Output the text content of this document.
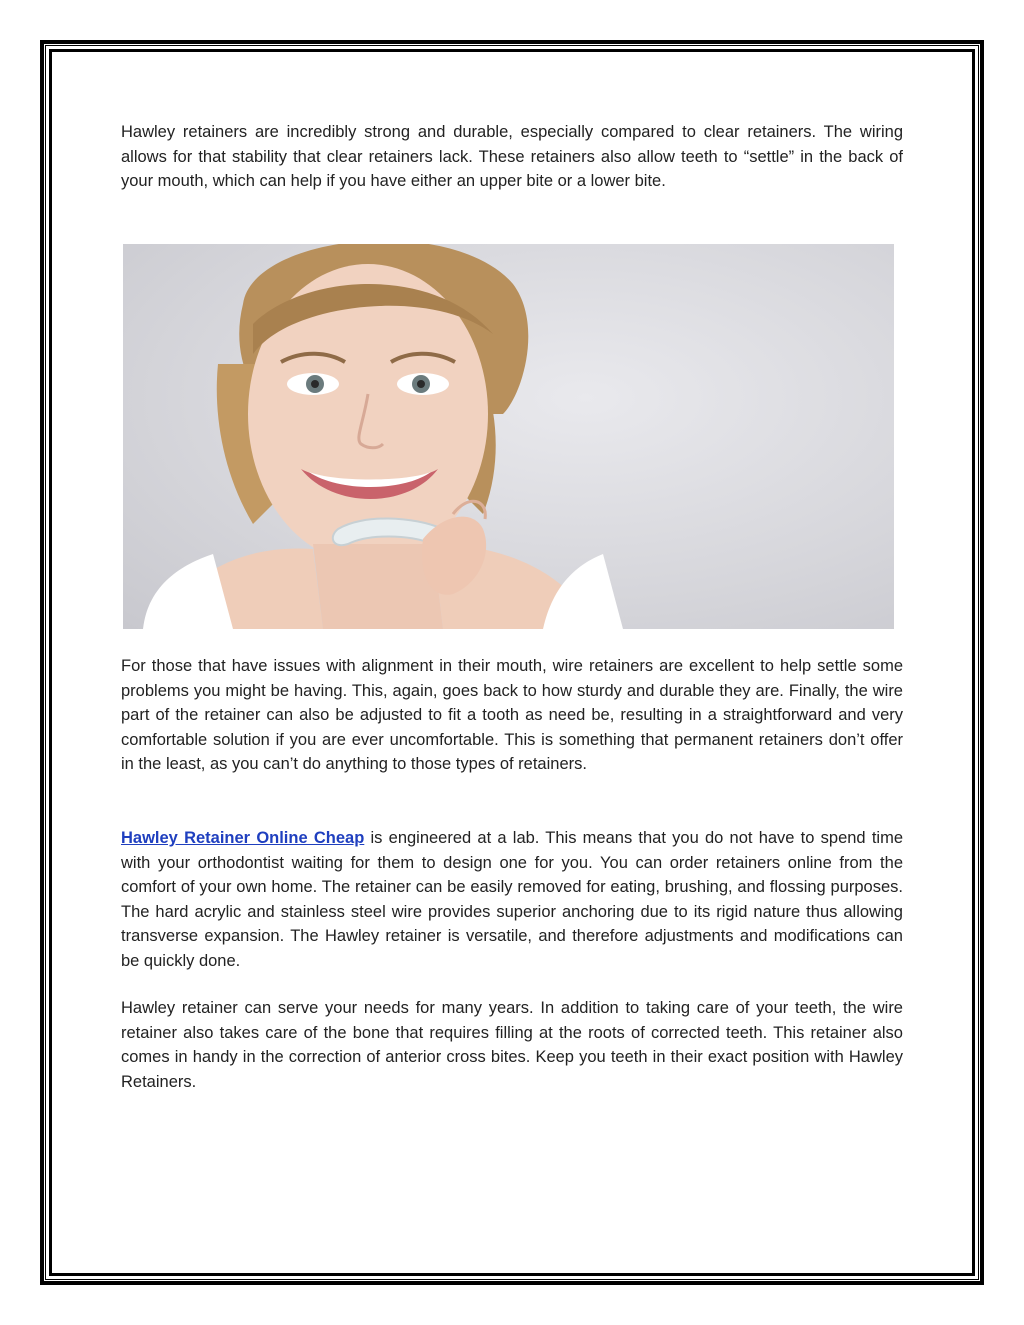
Hawley retainers are incredibly strong and durable, especially compared to clear retainers. The wiring allows for that stability that clear retainers lack. These retainers also allow teeth to “settle” in the back of your mouth, which can help if you have either an upper bite or a lower bite.

For those that have issues with alignment in their mouth, wire retainers are excellent to help settle some problems you might be having. This, again, goes back to how sturdy and durable they are. Finally, the wire part of the retainer can also be adjusted to fit a tooth as need be, resulting in a straightforward and very comfortable solution if you are ever uncomfortable. This is something that permanent retainers don’t offer in the least, as you can’t do anything to those types of retainers.

Hawley Retainer Online Cheap is engineered at a lab. This means that you do not have to spend time with your orthodontist waiting for them to design one for you. You can order retainers online from the comfort of your own home. The retainer can be easily removed for eating, brushing, and flossing purposes. The hard acrylic and stainless steel wire provides superior anchoring due to its rigid nature thus allowing transverse expansion. The Hawley retainer is versatile, and therefore adjustments and modifications can be quickly done.

Hawley retainer can serve your needs for many years. In addition to taking care of your teeth, the wire retainer also takes care of the bone that requires filling at the roots of corrected teeth. This retainer also comes in handy in the correction of anterior cross bites. Keep you teeth in their exact position with Hawley Retainers.
